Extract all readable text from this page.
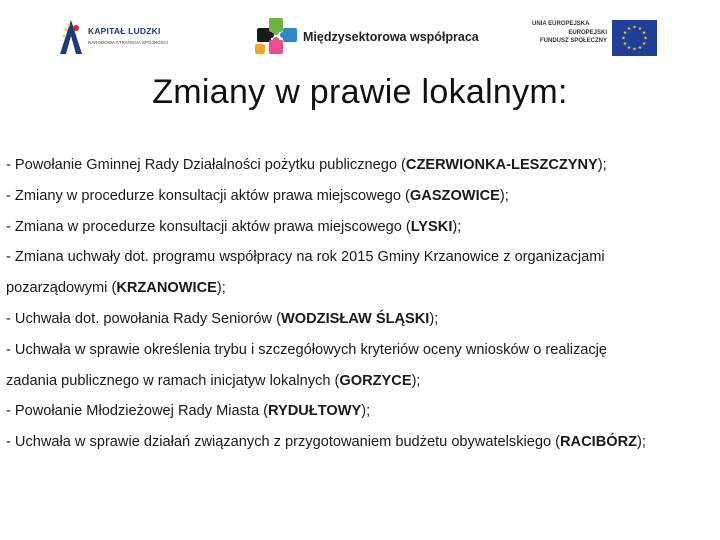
KAPITAŁ LUDZKI
NARODOWA STRATEGIA SPÓJNOŚCI	Międzysektorowa współpraca
UNIA EUROPEJSKA
EUROPEJSKI
FUNDUSZ SPOŁECZNY
Zmiany w prawie lokalnym:
- Powołanie Gminnej Rady Działalności pożytku publicznego (CZERWIONKA-LESZCZYNY);
- Zmiany w procedurze konsultacji aktów prawa miejscowego (GASZOWICE);
- Zmiana w procedurze konsultacji aktów prawa miejscowego (LYSKI);
- Zmiana uchwały dot. programu współpracy na rok 2015 Gminy Krzanowice z organizacjami
pozarządowymi (KRZANOWICE);
- Uchwała dot. powołania Rady Seniorów (WODZISŁAW ŚLĄSKI);
- Uchwała w sprawie określenia trybu i szczegółowych kryteriów oceny wniosków o realizację
zadania publicznego w ramach inicjatyw lokalnych (GORZYCE);
- Powołanie Młodzieżowej Rady Miasta (RYDUŁTOWY);
- Uchwała w sprawie działań związanych z przygotowaniem budżetu obywatelskiego (RACIBÓRZ);
